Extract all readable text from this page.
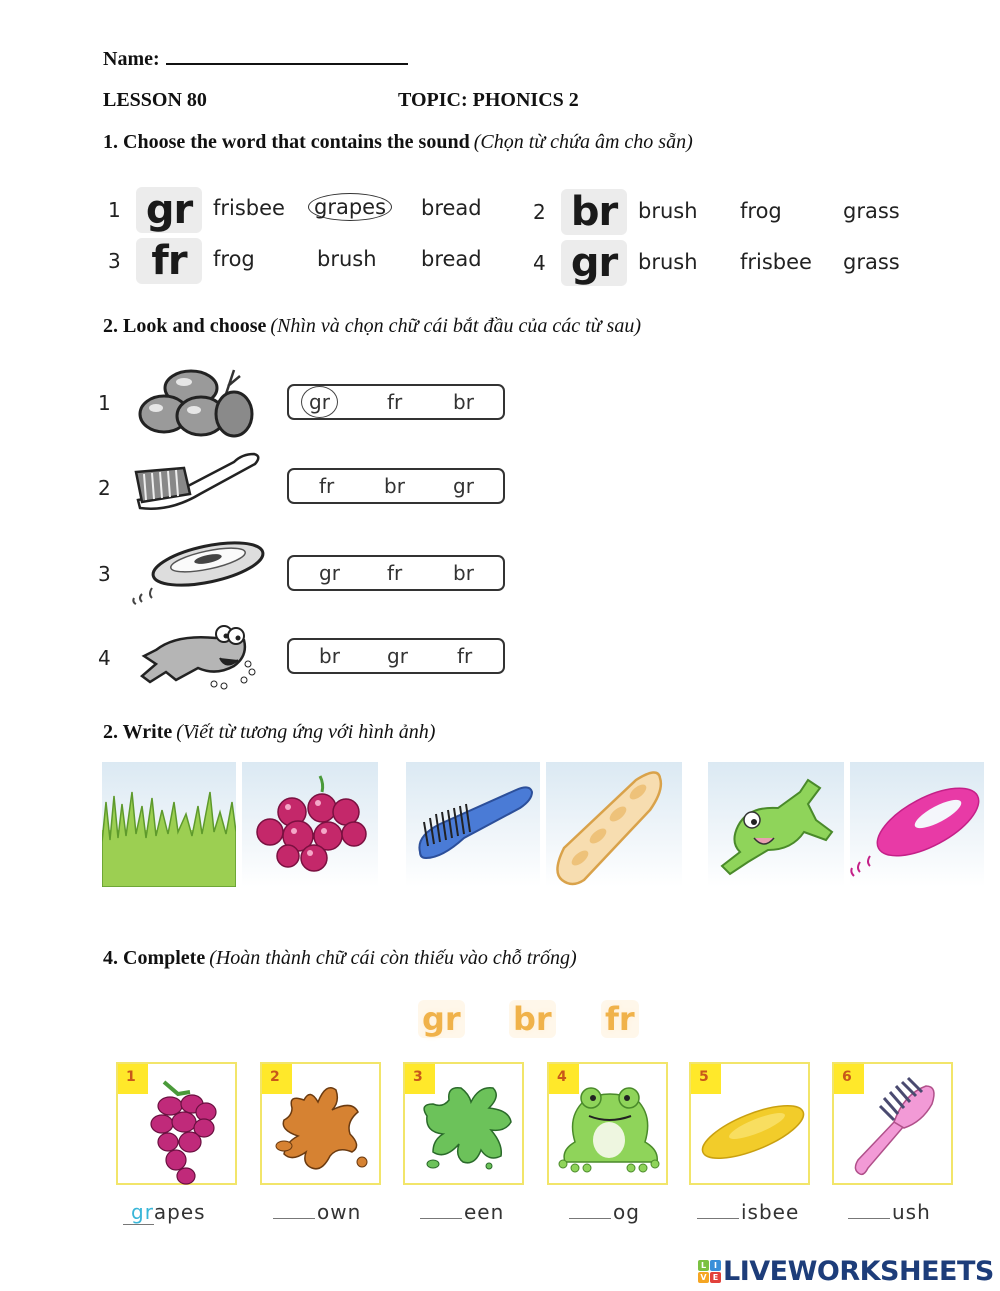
Name:
LESSON 80	TOPIC: PHONICS 2
1. Choose the word that contains the sound (Chọn từ chứa âm cho sẵn)
1 gr frisbee grapes bread	2 br brush frog	grass
3 fr	frog	brush bread	4 gr brush frisbee grass
2. Look and choose (Nhìn và chọn chữ cái bắt đầu của các từ sau)
1	gr	fr	br
2	fr br gr
3	gr fr	br
4	br gr fr
2. Write (Viết từ tương ứng với hình ảnh)
4. Complete (Hoàn thành chữ cái còn thiếu vào chỗ trống)
gr br fr
1	2	3	4	5	6
grapes	own	een	og	isbee	ush
L I
V E LIVEWORKSHEETS
